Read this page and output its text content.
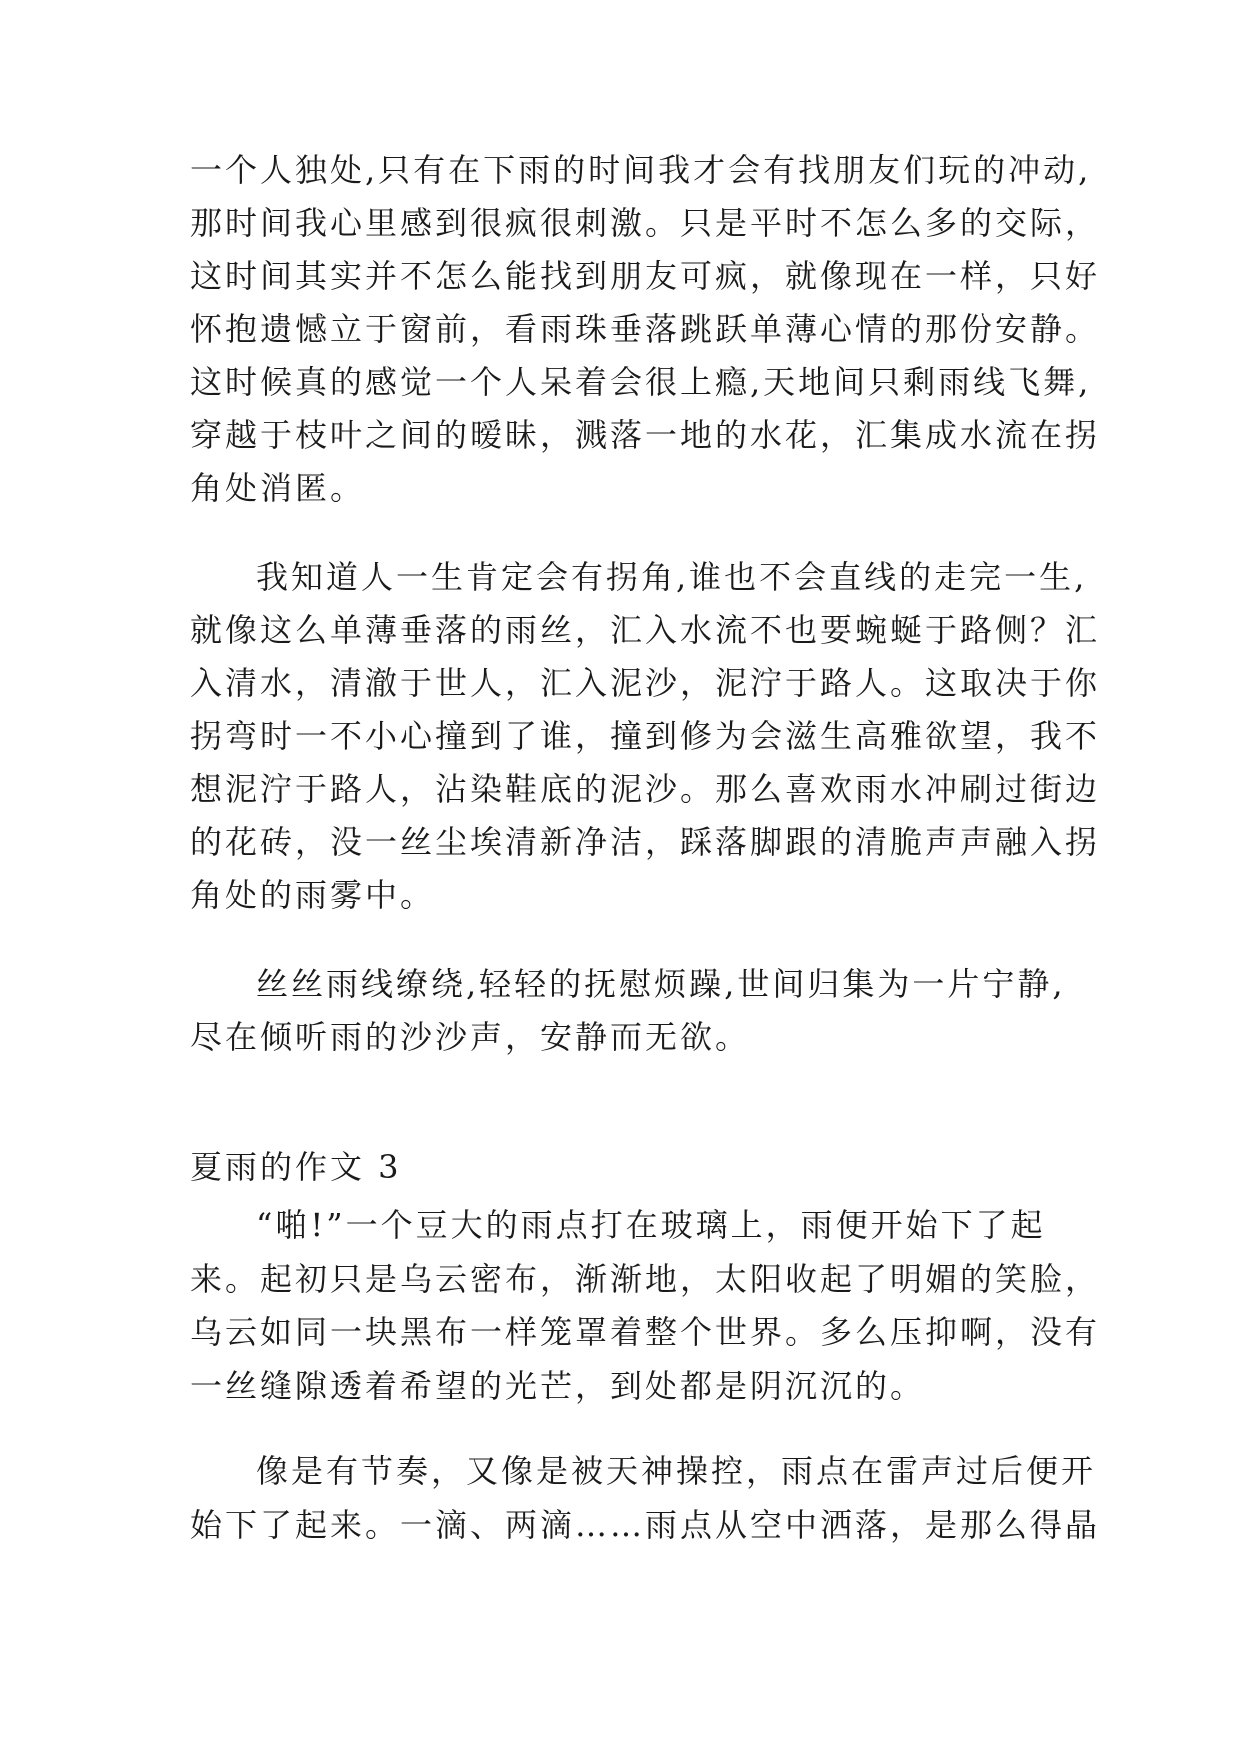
一个人独处,只有在下雨的时间我才会有找朋友们玩的冲动,
那时间我心里感到很疯很刺激。只是平时不怎么多的交际，
这时间其实并不怎么能找到朋友可疯，就像现在一样，只好
怀抱遗憾立于窗前，看雨珠垂落跳跃单薄心情的那份安静。
这时候真的感觉一个人呆着会很上瘾,天地间只剩雨线飞舞,
穿越于枝叶之间的暧昧，溅落一地的水花，汇集成水流在拐
角处消匿。
我知道人一生肯定会有拐角,谁也不会直线的走完一生,
就像这么单薄垂落的雨丝，汇入水流不也要蜿蜒于路侧？汇
入清水，清澈于世人，汇入泥沙，泥泞于路人。这取决于你
拐弯时一不小心撞到了谁，撞到修为会滋生高雅欲望，我不
想泥泞于路人，沾染鞋底的泥沙。那么喜欢雨水冲刷过街边
的花砖，没一丝尘埃清新净洁，踩落脚跟的清脆声声融入拐
角处的雨雾中。
丝丝雨线缭绕,轻轻的抚慰烦躁,世间归集为一片宁静,
尽在倾听雨的沙沙声，安静而无欲。
夏雨的作文 3
“啪!”一个豆大的雨点打在玻璃上，雨便开始下了起
来。起初只是乌云密布，渐渐地，太阳收起了明媚的笑脸，
乌云如同一块黑布一样笼罩着整个世界。多么压抑啊，没有
一丝缝隙透着希望的光芒，到处都是阴沉沉的。
像是有节奏，又像是被天神操控，雨点在雷声过后便开
始下了起来。一滴、两滴……雨点从空中洒落，是那么得晶
